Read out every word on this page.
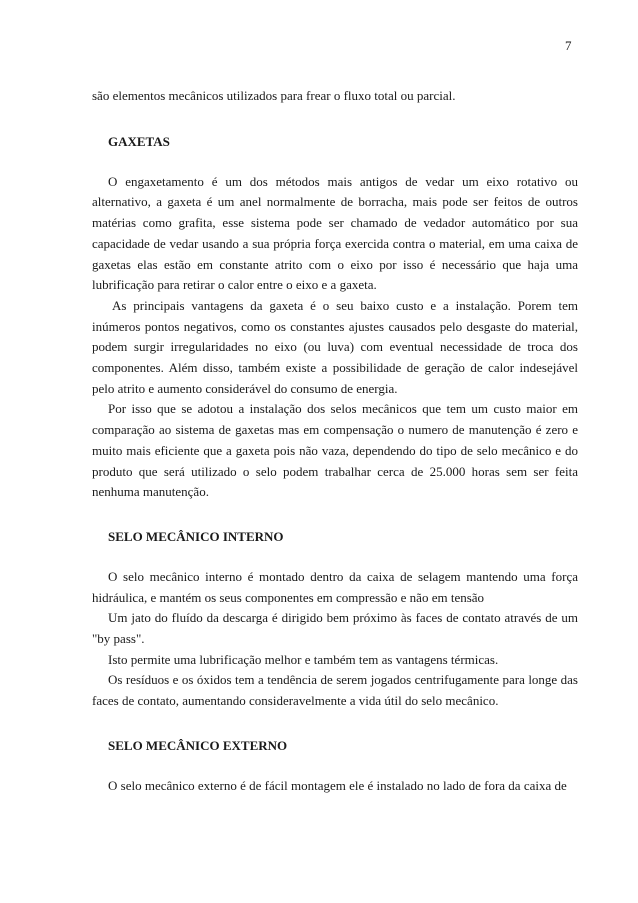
7

são elementos mecânicos utilizados para frear o fluxo total ou parcial.

GAXETAS

O engaxetamento é um dos métodos mais antigos de vedar um eixo rotativo ou alternativo, a gaxeta é um anel normalmente de borracha, mais pode ser feitos de outros matérias como grafita, esse sistema pode ser chamado de vedador automático por sua capacidade de vedar usando a sua própria força exercida contra o material, em uma caixa de gaxetas elas estão em constante atrito com o eixo por isso é necessário que haja uma lubrificação para retirar o calor entre o eixo e a gaxeta.

As principais vantagens da gaxeta é o seu baixo custo e a instalação. Porem tem inúmeros pontos negativos, como os constantes ajustes causados pelo desgaste do material, podem surgir irregularidades no eixo (ou luva) com eventual necessidade de troca dos componentes. Além disso, também existe a possibilidade de geração de calor indesejável pelo atrito e aumento considerável do consumo de energia.

Por isso que se adotou a instalação dos selos mecânicos que tem um custo maior em comparação ao sistema de gaxetas mas em compensação o numero de manutenção é zero e muito mais eficiente que a gaxeta pois não vaza, dependendo do tipo de selo mecânico e do produto que será utilizado o selo podem trabalhar cerca de 25.000 horas sem ser feita nenhuma manutenção.

SELO MECÂNICO INTERNO

O selo mecânico interno é montado dentro da caixa de selagem mantendo uma força hidráulica, e mantém os seus componentes em compressão e não em tensão

Um jato do fluído da descarga é dirigido bem próximo às faces de contato através de um "by pass".

Isto permite uma lubrificação melhor e também tem as vantagens térmicas.

Os resíduos e os óxidos tem a tendência de serem jogados centrifugamente para longe das faces de contato, aumentando consideravelmente a vida útil do selo mecânico.

SELO MECÂNICO EXTERNO

O selo mecânico externo é de fácil montagem ele é instalado no lado de fora da caixa de
